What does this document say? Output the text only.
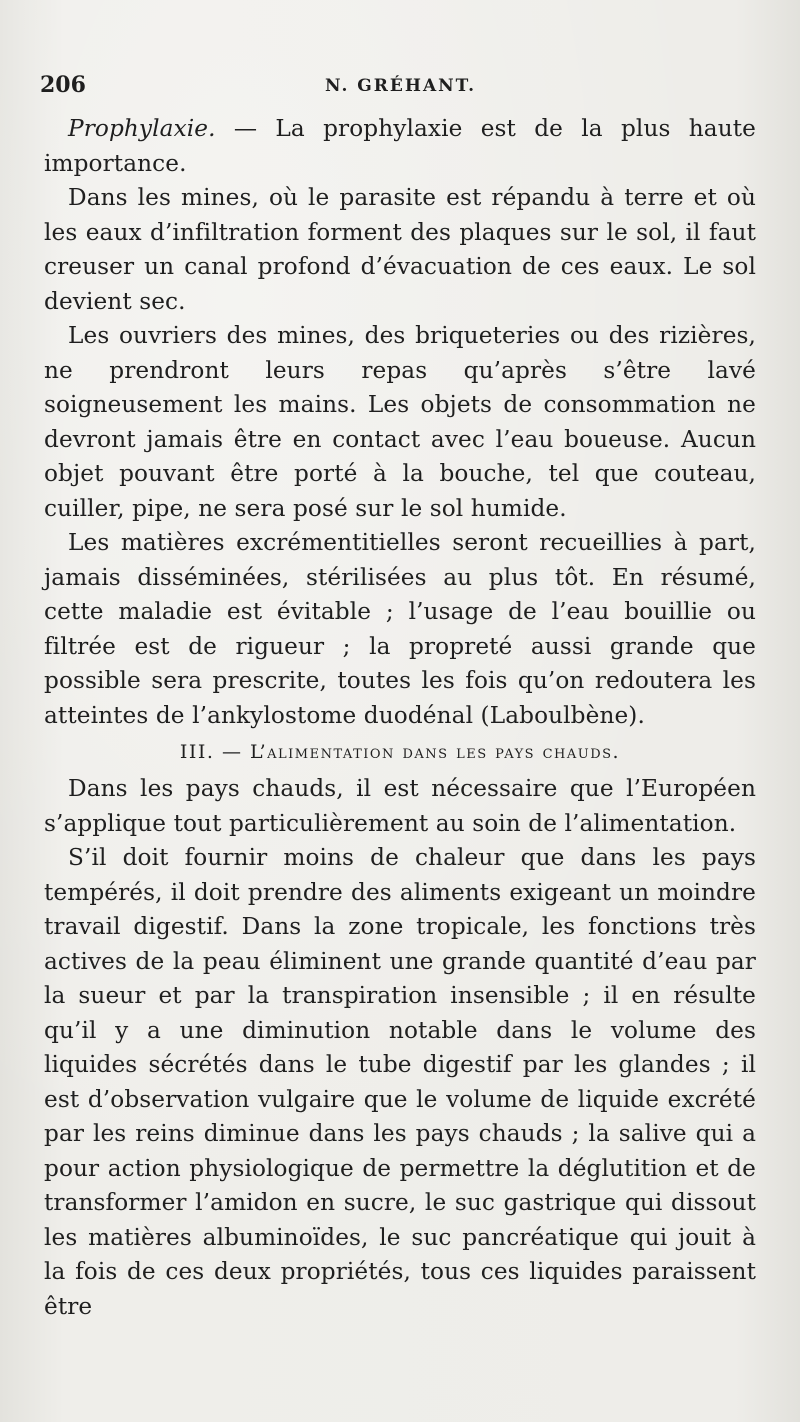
206	N. GRÉHANT.

Prophylaxie. — La prophylaxie est de la plus haute importance.

Dans les mines, où le parasite est répandu à terre et où les eaux d’infiltration forment des plaques sur le sol, il faut creuser un canal profond d’évacuation de ces eaux. Le sol devient sec.

Les ouvriers des mines, des briqueteries ou des rizières, ne prendront leurs repas qu’après s’être lavé soigneusement les mains. Les objets de consommation ne devront jamais être en contact avec l’eau boueuse. Aucun objet pouvant être porté à la bouche, tel que couteau, cuiller, pipe, ne sera posé sur le sol humide.

Les matières excrémentitielles seront recueillies à part, jamais disséminées, stérilisées au plus tôt. En résumé, cette maladie est évitable ; l’usage de l’eau bouillie ou filtrée est de rigueur ; la propreté aussi grande que possible sera prescrite, toutes les fois qu’on redoutera les atteintes de l’ankylostome duodénal (Laboulbène).

III. — L’alimentation dans les pays chauds.

Dans les pays chauds, il est nécessaire que l’Européen s’applique tout particulièrement au soin de l’alimentation.

S’il doit fournir moins de chaleur que dans les pays tempérés, il doit prendre des aliments exigeant un moindre travail digestif. Dans la zone tropicale, les fonctions très actives de la peau éliminent une grande quantité d’eau par la sueur et par la transpiration insensible ; il en résulte qu’il y a une diminution notable dans le volume des liquides sécrétés dans le tube digestif par les glandes ; il est d’observation vulgaire que le volume de liquide excrété par les reins diminue dans les pays chauds ; la salive qui a pour action physiologique de permettre la déglutition et de transformer l’amidon en sucre, le suc gastrique qui dissout les matières albuminoïdes, le suc pancréatique qui jouit à la fois de ces deux propriétés, tous ces liquides paraissent être
